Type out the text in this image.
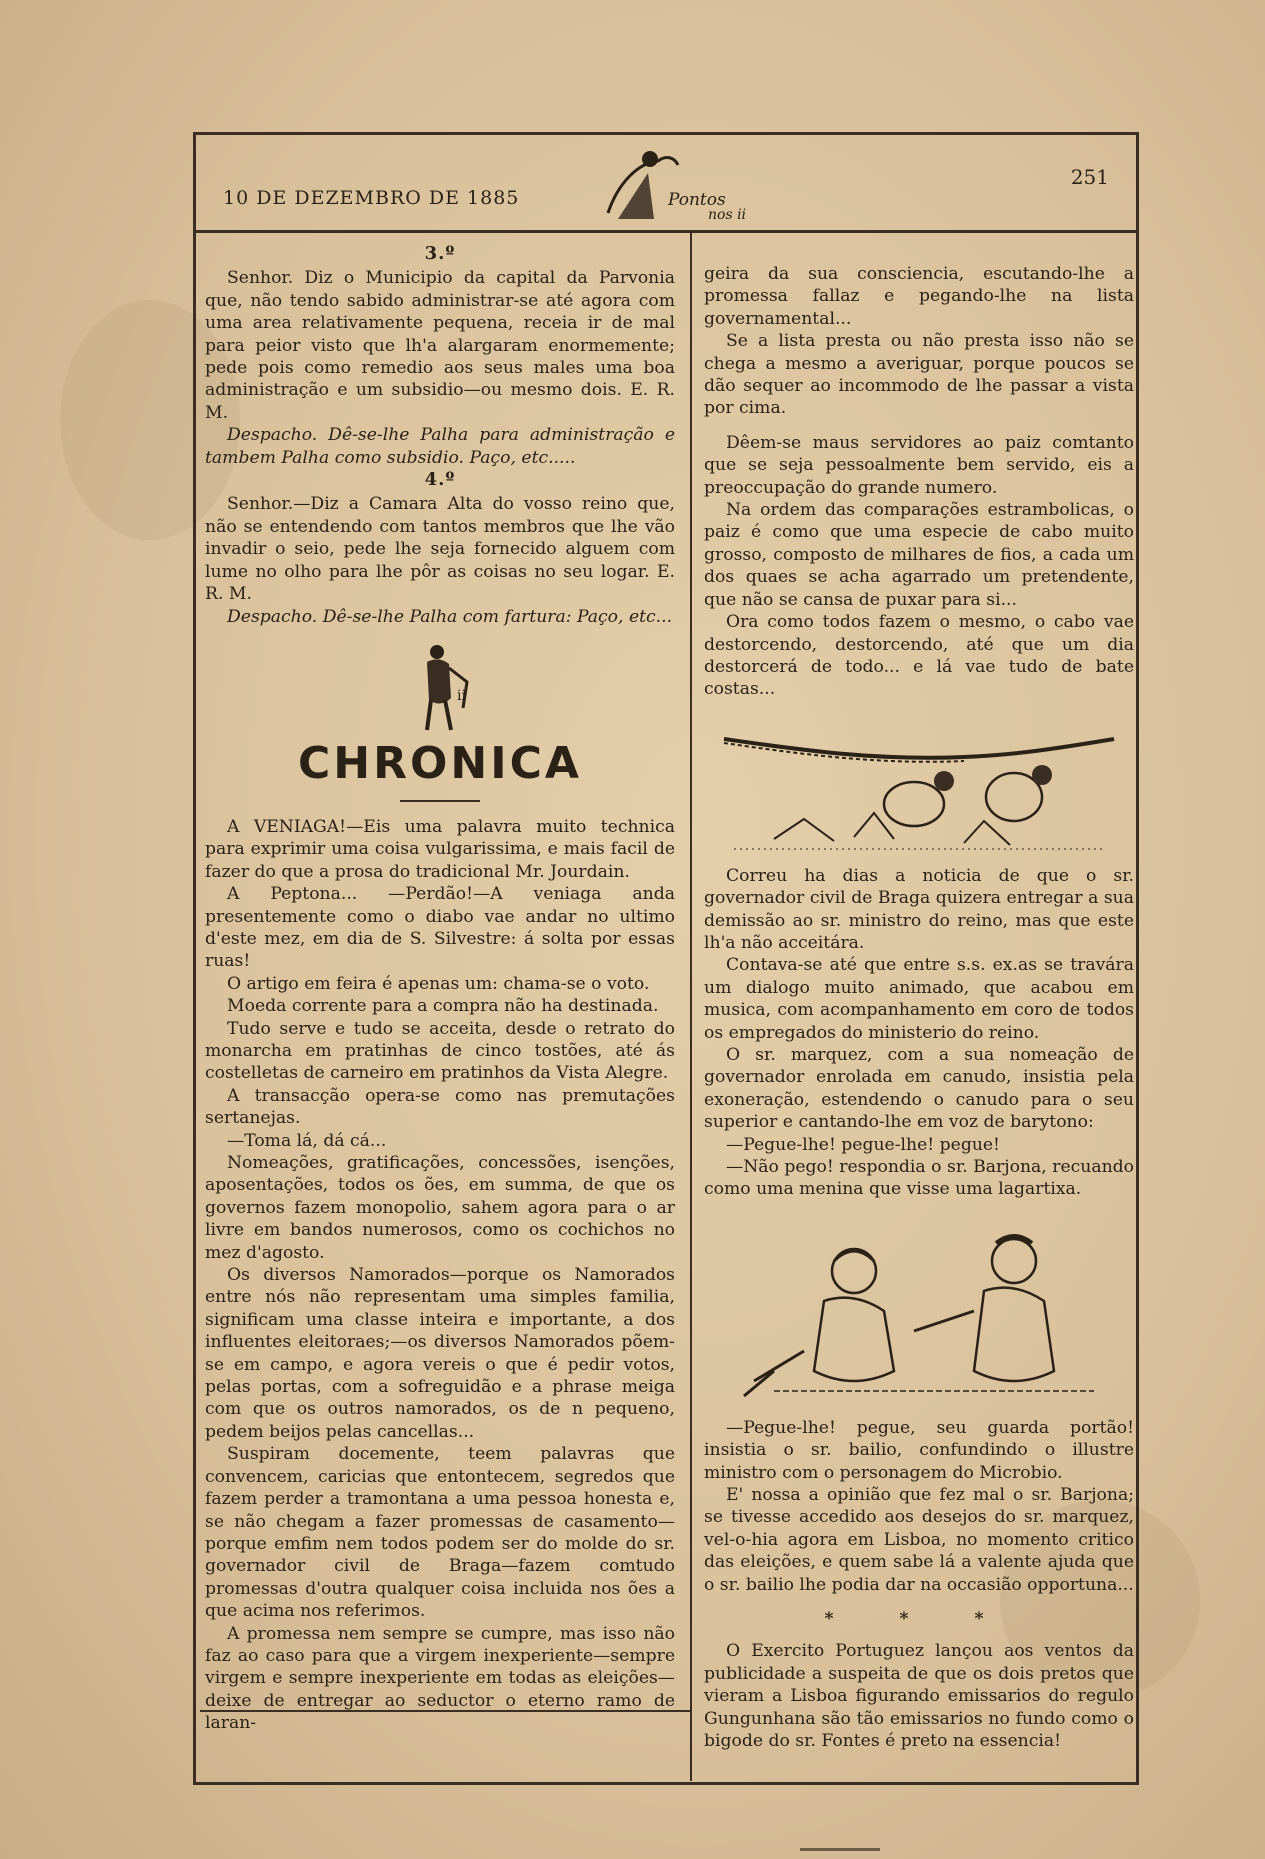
10 DE DEZEMBRO DE 1885	Pontos
nos ii
251
3.º

Senhor. Diz o Municipio da capital da Parvonia que, não tendo sabido administrar-se até agora com uma area relativamente pequena, receia ir de mal para peior visto que lh'a alargaram enormemente; pede pois como remedio aos seus males uma boa administração e um subsidio—ou mesmo dois. E. R. M.

Despacho. Dê-se-lhe Palha para administração e tambem Palha como subsidio. Paço, etc.....

4.º

Senhor.—Diz a Camara Alta do vosso reino que, não se entendendo com tantos membros que lhe vão invadir o seio, pede lhe seja fornecido alguem com lume no olho para lhe pôr as coisas no seu logar. E. R. M.

Despacho. Dê-se-lhe Palha com fartura: Paço, etc...

ii
CHRONICA

A VENIAGA!—Eis uma palavra muito technica para exprimir uma coisa vulgarissima, e mais facil de fazer do que a prosa do tradicional Mr. Jourdain.

A Peptona... —Perdão!—A veniaga anda presentemente como o diabo vae andar no ultimo d'este mez, em dia de S. Silvestre: á solta por essas ruas!

O artigo em feira é apenas um: chama-se o voto.

Moeda corrente para a compra não ha destinada.

Tudo serve e tudo se acceita, desde o retrato do monarcha em pratinhas de cinco tostões, até ás costelletas de carneiro em pratinhos da Vista Alegre.

A transacção opera-se como nas premutações sertanejas.

—Toma lá, dá cá...

Nomeações, gratificações, concessões, isenções, aposentações, todos os ões, em summa, de que os governos fazem monopolio, sahem agora para o ar livre em bandos numerosos, como os cochichos no mez d'agosto.

Os diversos Namorados—porque os Namorados entre nós não representam uma simples familia, significam uma classe inteira e importante, a dos influentes eleitoraes;—os diversos Namorados põem-se em campo, e agora vereis o que é pedir votos, pelas portas, com a sofreguidão e a phrase meiga com que os outros namorados, os de n pequeno, pedem beijos pelas cancellas...

Suspiram docemente, teem palavras que convencem, caricias que entontecem, segredos que fazem perder a tramontana a uma pessoa honesta e, se não chegam a fazer promessas de casamento—porque emfim nem todos podem ser do molde do sr. governador civil de Braga—fazem comtudo promessas d'outra qualquer coisa incluida nos ões a que acima nos referimos.

A promessa nem sempre se cumpre, mas isso não faz ao caso para que a virgem inexperiente—sempre virgem e sempre inexperiente em todas as eleições—deixe de entregar ao seductor o eterno ramo de laran-

geira da sua consciencia, escutando-lhe a promessa fallaz e pegando-lhe na lista governamental...

Se a lista presta ou não presta isso não se chega a mesmo a averiguar, porque poucos se dão sequer ao incommodo de lhe passar a vista por cima.

Dêem-se maus servidores ao paiz comtanto que se seja pessoalmente bem servido, eis a preoccupação do grande numero.

Na ordem das comparações estrambolicas, o paiz é como que uma especie de cabo muito grosso, composto de milhares de fios, a cada um dos quaes se acha agarrado um pretendente, que não se cansa de puxar para si...

Ora como todos fazem o mesmo, o cabo vae destorcendo, destorcendo, até que um dia destorcerá de todo... e lá vae tudo de bate costas...

Correu ha dias a noticia de que o sr. governador civil de Braga quizera entregar a sua demissão ao sr. ministro do reino, mas que este lh'a não acceitára.

Contava-se até que entre s.s. ex.as se travára um dialogo muito animado, que acabou em musica, com acompanhamento em coro de todos os empregados do ministerio do reino.

O sr. marquez, com a sua nomeação de governador enrolada em canudo, insistia pela exoneração, estendendo o canudo para o seu superior e cantando-lhe em voz de barytono:

—Pegue-lhe! pegue-lhe! pegue!

—Não pego! respondia o sr. Barjona, recuando como uma menina que visse uma lagartixa.

—Pegue-lhe! pegue, seu guarda portão! insistia o sr. bailio, confundindo o illustre ministro com o personagem do Microbio.

E' nossa a opinião que fez mal o sr. Barjona; se tivesse accedido aos desejos do sr. marquez, vel-o-hia agora em Lisboa, no momento critico das eleições, e quem sabe lá a valente ajuda que o sr. bailio lhe podia dar na occasião opportuna...

* * *

O Exercito Portuguez lançou aos ventos da publicidade a suspeita de que os dois pretos que vieram a Lisboa figurando emissarios do regulo Gungunhana são tão emissarios no fundo como o bigode do sr. Fontes é preto na essencia!
